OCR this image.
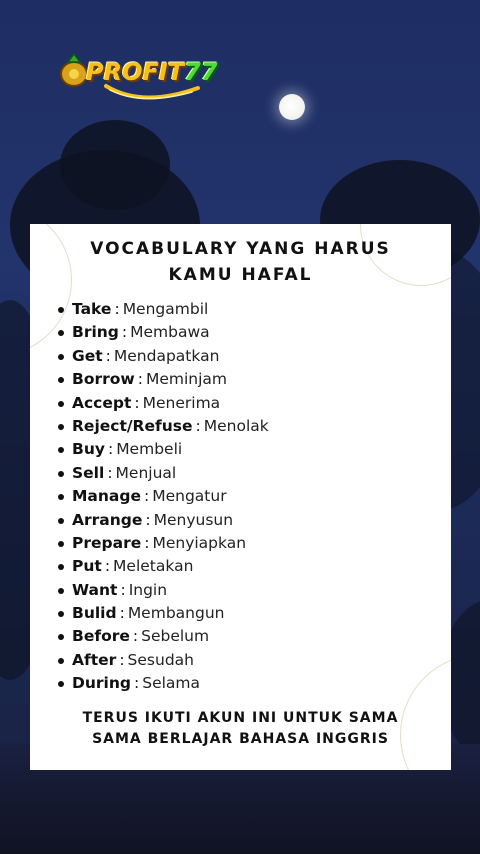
PROFIT77
VOCABULARY YANG HARUS
KAMU HAFAL
Take : Mengambil
Bring : Membawa
Get : Mendapatkan
Borrow : Meminjam
Accept : Menerima
Reject/Refuse : Menolak
Buy : Membeli
Sell : Menjual
Manage : Mengatur
Arrange : Menyusun
Prepare : Menyiapkan
Put : Meletakan
Want : Ingin
Bulid : Membangun
Before : Sebelum
After : Sesudah
During : Selama
TERUS IKUTI AKUN INI UNTUK SAMA
SAMA BERLAJAR BAHASA INGGRIS
